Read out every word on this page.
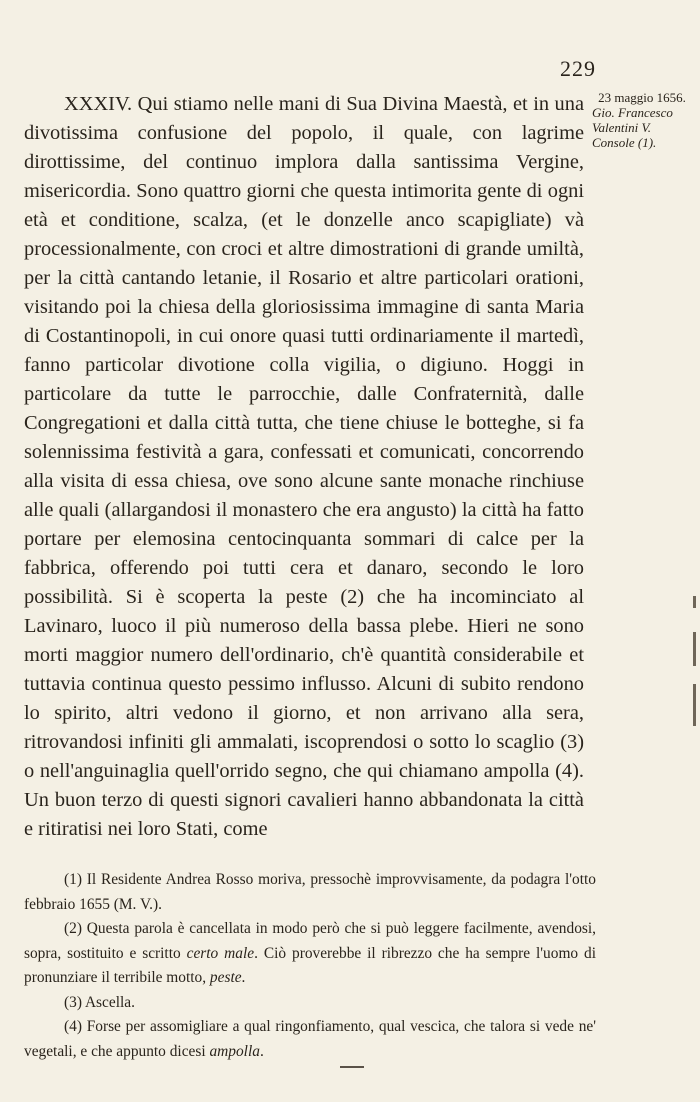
229
23 maggio 1656.
Gio. Francesco Valentini V. Console (1).

XXXIV. Qui stiamo nelle mani di Sua Divina Maestà, et in una divotissima confusione del popolo, il quale, con lagrime dirottissime, del continuo implora dalla santissima Vergine, misericordia. Sono quattro giorni che questa intimorita gente di ogni età et conditione, scalza, (et le donzelle anco scapigliate) và processionalmente, con croci et altre dimostrationi di grande umiltà, per la città cantando letanie, il Rosario et altre particolari orationi, visitando poi la chiesa della gloriosissima immagine di santa Maria di Costantinopoli, in cui onore quasi tutti ordinariamente il martedì, fanno particolar divotione colla vigilia, o digiuno. Hoggi in particolare da tutte le parrocchie, dalle Confraternità, dalle Congregationi et dalla città tutta, che tiene chiuse le botteghe, si fa solennissima festività a gara, confessati et comunicati, concorrendo alla visita di essa chiesa, ove sono alcune sante monache rinchiuse alle quali (allargandosi il monastero che era angusto) la città ha fatto portare per elemosina centocinquanta sommari di calce per la fabbrica, offerendo poi tutti cera et danaro, secondo le loro possibilità. Si è scoperta la peste (2) che ha incominciato al Lavinaro, luoco il più numeroso della bassa plebe. Hieri ne sono morti maggior numero dell'ordinario, ch'è quantità considerabile et tuttavia continua questo pessimo influsso. Alcuni di subito rendono lo spirito, altri vedono il giorno, et non arrivano alla sera, ritrovandosi infiniti gli ammalati, iscoprendosi o sotto lo scaglio (3) o nell'anguinaglia quell'orrido segno, che qui chiamano ampolla (4). Un buon terzo di questi signori cavalieri hanno abbandonata la città e ritiratisi nei loro Stati, come

(1) Il Residente Andrea Rosso moriva, pressochè improvvisamente, da podagra l'otto febbraio 1655 (M. V.).

(2) Questa parola è cancellata in modo però che si può leggere facilmente, avendosi, sopra, sostituito e scritto certo male. Ciò proverebbe il ribrezzo che ha sempre l'uomo di pronunziare il terribile motto, peste.

(3) Ascella.

(4) Forse per assomigliare a qual ringonfiamento, qual vescica, che talora si vede ne' vegetali, e che appunto dicesi ampolla.
